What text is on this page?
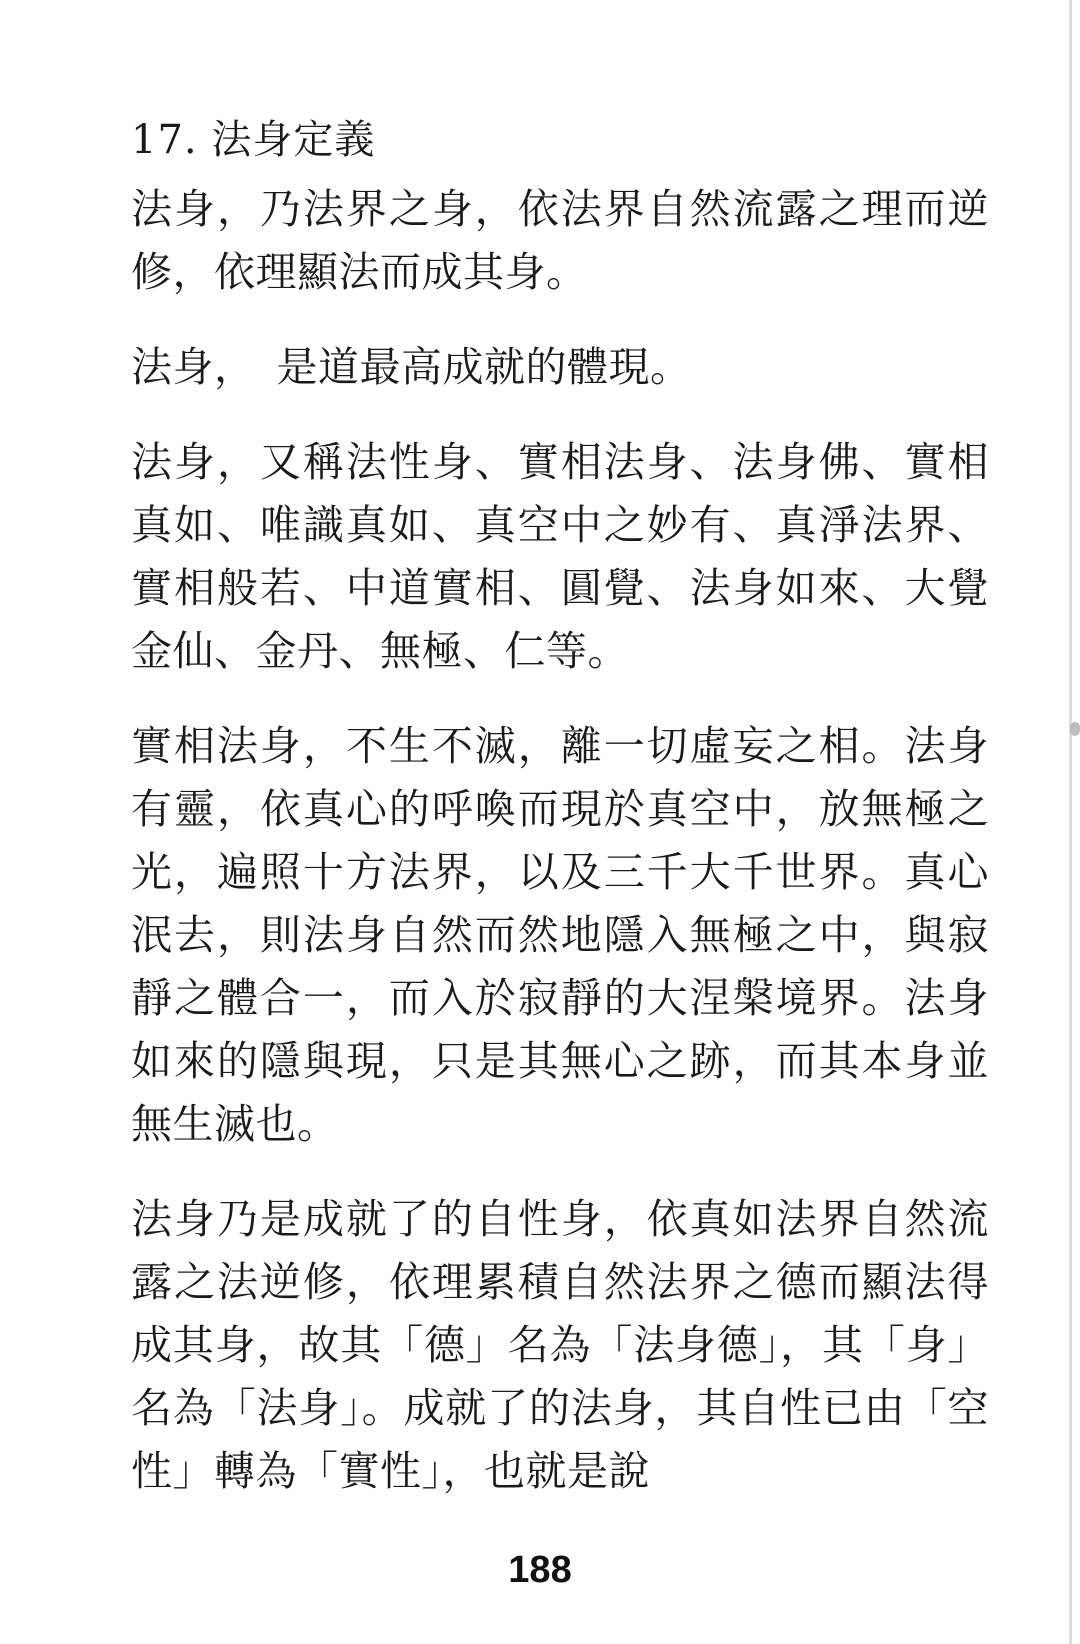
17. 法身定義

法身，乃法界之身，依法界自然流露之理而逆修，依理顯法而成其身。

法身，　是道最高成就的體現。

法身，又稱法性身、實相法身、法身佛、實相真如、唯識真如、真空中之妙有、真淨法界、實相般若、中道實相、圓覺、法身如來、大覺金仙、金丹、無極、仁等。

實相法身，不生不滅，離一切虛妄之相。法身有靈，依真心的呼喚而現於真空中，放無極之光，遍照十方法界，以及三千大千世界。真心泯去，則法身自然而然地隱入無極之中，與寂靜之體合一，而入於寂靜的大涅槃境界。法身如來的隱與現，只是其無心之跡，而其本身並無生滅也。

法身乃是成就了的自性身，依真如法界自然流露之法逆修，依理累積自然法界之德而顯法得成其身，故其「德」名為「法身德」，其「身」名為「法身」。成就了的法身，其自性已由「空性」轉為「實性」，也就是說

188
